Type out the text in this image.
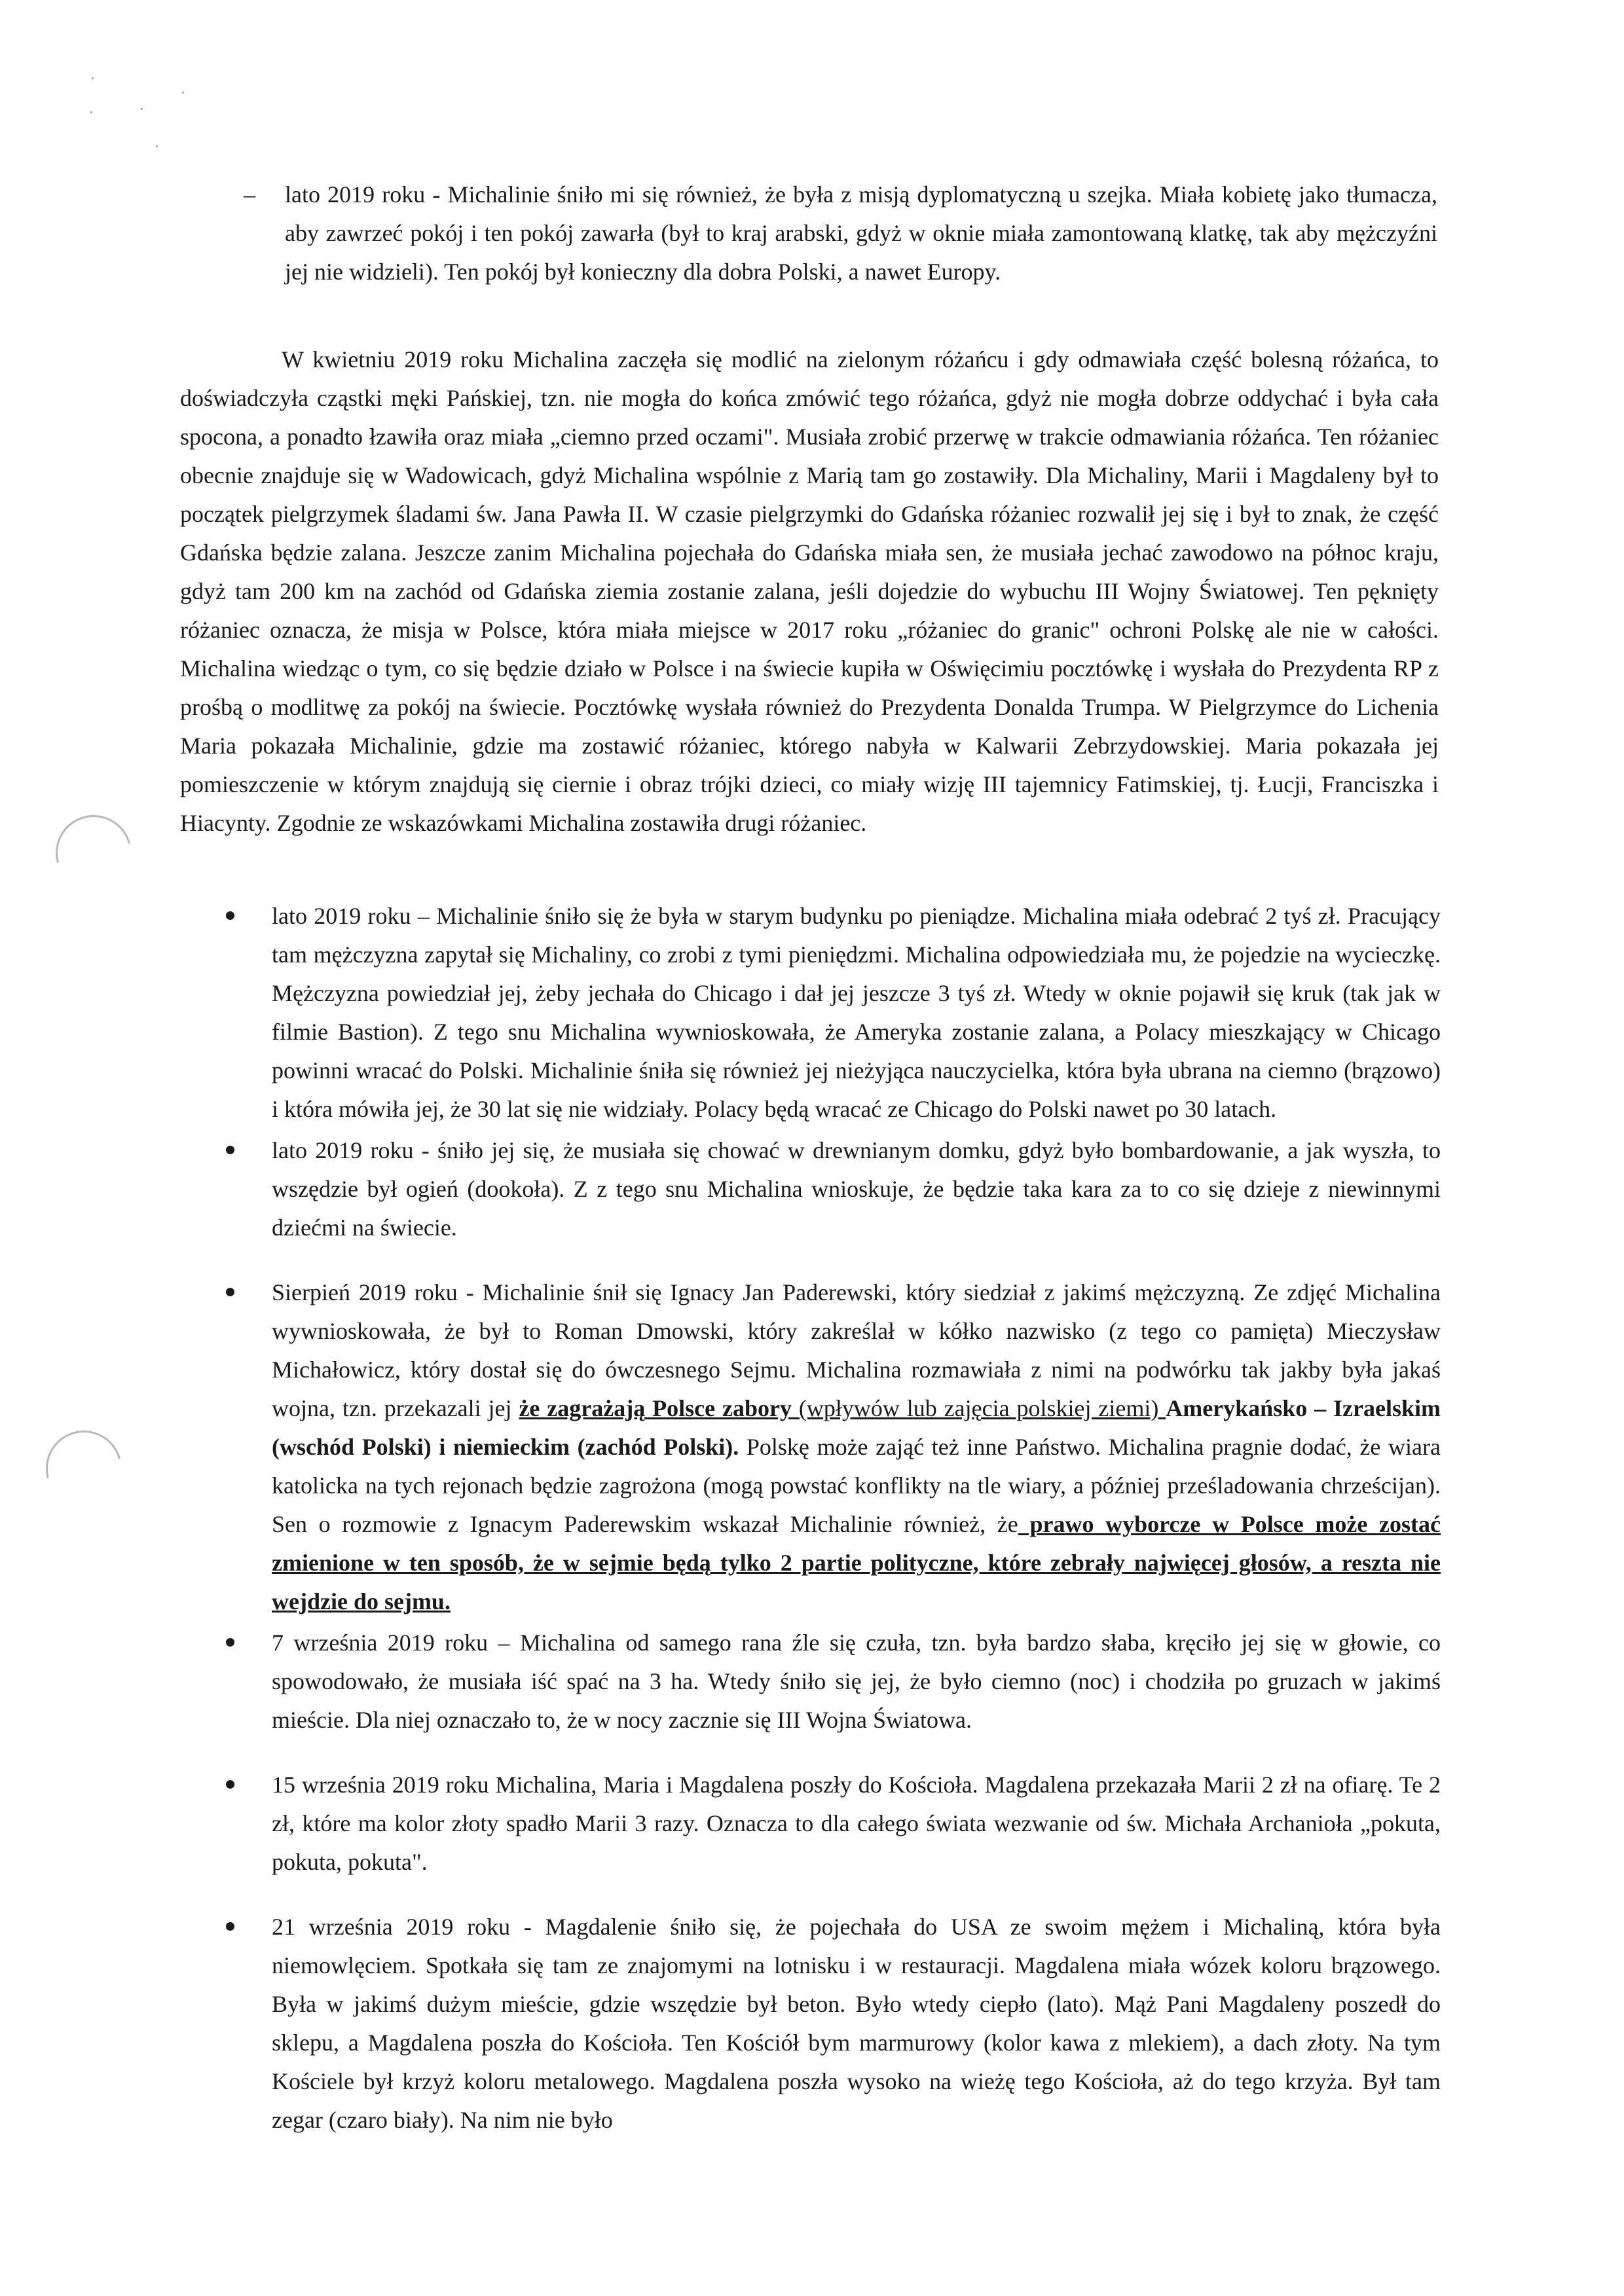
– lato 2019 roku - Michalinie śniło mi się również, że była z misją dyplomatyczną u szejka. Miała kobietę jako tłumacza, aby zawrzeć pokój i ten pokój zawarła (był to kraj arabski, gdyż w oknie miała zamontowaną klatkę, tak aby mężczyźni jej nie widzieli). Ten pokój był konieczny dla dobra Polski, a nawet Europy.

W kwietniu 2019 roku Michalina zaczęła się modlić na zielonym różańcu i gdy odmawiała część bolesną różańca, to doświadczyła cząstki męki Pańskiej, tzn. nie mogła do końca zmówić tego różańca, gdyż nie mogła dobrze oddychać i była cała spocona, a ponadto łzawiła oraz miała „ciemno przed oczami". Musiała zrobić przerwę w trakcie odmawiania różańca. Ten różaniec obecnie znajduje się w Wadowicach, gdyż Michalina wspólnie z Marią tam go zostawiły. Dla Michaliny, Marii i Magdaleny był to początek pielgrzymek śladami św. Jana Pawła II. W czasie pielgrzymki do Gdańska różaniec rozwalił jej się i był to znak, że część Gdańska będzie zalana. Jeszcze zanim Michalina pojechała do Gdańska miała sen, że musiała jechać zawodowo na północ kraju, gdyż tam 200 km na zachód od Gdańska ziemia zostanie zalana, jeśli dojedzie do wybuchu III Wojny Światowej. Ten pęknięty różaniec oznacza, że misja w Polsce, która miała miejsce w 2017 roku „różaniec do granic" ochroni Polskę ale nie w całości. Michalina wiedząc o tym, co się będzie działo w Polsce i na świecie kupiła w Oświęcimiu pocztówkę i wysłała do Prezydenta RP z prośbą o modlitwę za pokój na świecie. Pocztówkę wysłała również do Prezydenta Donalda Trumpa. W Pielgrzymce do Lichenia Maria pokazała Michalinie, gdzie ma zostawić różaniec, którego nabyła w Kalwarii Zebrzydowskiej. Maria pokazała jej pomieszczenie w którym znajdują się ciernie i obraz trójki dzieci, co miały wizję III tajemnicy Fatimskiej, tj. Łucji, Franciszka i Hiacynty. Zgodnie ze wskazówkami Michalina zostawiła drugi różaniec.

lato 2019 roku – Michalinie śniło się że była w starym budynku po pieniądze. Michalina miała odebrać 2 tyś zł. Pracujący tam mężczyzna zapytał się Michaliny, co zrobi z tymi pieniędzmi. Michalina odpowiedziała mu, że pojedzie na wycieczkę. Mężczyzna powiedział jej, żeby jechała do Chicago i dał jej jeszcze 3 tyś zł. Wtedy w oknie pojawił się kruk (tak jak w filmie Bastion). Z tego snu Michalina wywnioskowała, że Ameryka zostanie zalana, a Polacy mieszkający w Chicago powinni wracać do Polski. Michalinie śniła się również jej nieżyjąca nauczycielka, która była ubrana na ciemno (brązowo) i która mówiła jej, że 30 lat się nie widziały. Polacy będą wracać ze Chicago do Polski nawet po 30 latach.
lato 2019 roku - śniło jej się, że musiała się chować w drewnianym domku, gdyż było bombardowanie, a jak wyszła, to wszędzie był ogień (dookoła). Z z tego snu Michalina wnioskuje, że będzie taka kara za to co się dzieje z niewinnymi dziećmi na świecie.
Sierpień 2019 roku - Michalinie śnił się Ignacy Jan Paderewski, który siedział z jakimś mężczyzną. Ze zdjęć Michalina wywnioskowała, że był to Roman Dmowski, który zakreślał w kółko nazwisko (z tego co pamięta) Mieczysław Michałowicz, który dostał się do ówczesnego Sejmu. Michalina rozmawiała z nimi na podwórku tak jakby była jakaś wojna, tzn. przekazali jej że zagrażają Polsce zabory (wpływów lub zajęcia polskiej ziemi) Amerykańsko – Izraelskim (wschód Polski) i niemieckim (zachód Polski). Polskę może zająć też inne Państwo. Michalina pragnie dodać, że wiara katolicka na tych rejonach będzie zagrożona (mogą powstać konflikty na tle wiary, a później prześladowania chrześcijan). Sen o rozmowie z Ignacym Paderewskim wskazał Michalinie również, że prawo wyborcze w Polsce może zostać zmienione w ten sposób, że w sejmie będą tylko 2 partie polityczne, które zebrały najwięcej głosów, a reszta nie wejdzie do sejmu.
7 września 2019 roku – Michalina od samego rana źle się czuła, tzn. była bardzo słaba, kręciło jej się w głowie, co spowodowało, że musiała iść spać na 3 ha. Wtedy śniło się jej, że było ciemno (noc) i chodziła po gruzach w jakimś mieście. Dla niej oznaczało to, że w nocy zacznie się III Wojna Światowa.
15 września 2019 roku Michalina, Maria i Magdalena poszły do Kościoła. Magdalena przekazała Marii 2 zł na ofiarę. Te 2 zł, które ma kolor złoty spadło Marii 3 razy. Oznacza to dla całego świata wezwanie od św. Michała Archanioła „pokuta, pokuta, pokuta".
21 września 2019 roku - Magdalenie śniło się, że pojechała do USA ze swoim mężem i Michaliną, która była niemowlęciem. Spotkała się tam ze znajomymi na lotnisku i w restauracji. Magdalena miała wózek koloru brązowego. Była w jakimś dużym mieście, gdzie wszędzie był beton. Było wtedy ciepło (lato). Mąż Pani Magdaleny poszedł do sklepu, a Magdalena poszła do Kościoła. Ten Kościół bym marmurowy (kolor kawa z mlekiem), a dach złoty. Na tym Kościele był krzyż koloru metalowego. Magdalena poszła wysoko na wieżę tego Kościoła, aż do tego krzyża. Był tam zegar (czaro biały). Na nim nie było
